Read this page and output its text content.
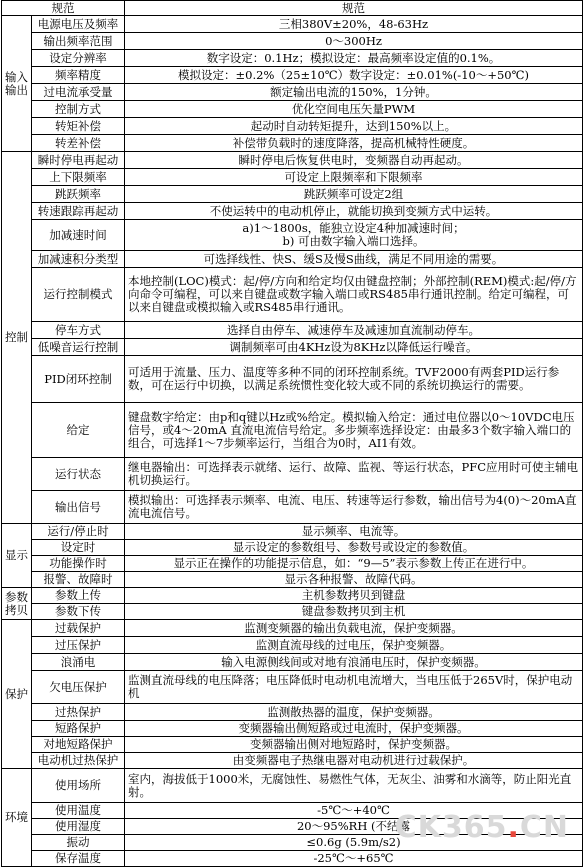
规范		规范
输入
输出	电源电压及频率	三相380V±20%，48-63Hz
	输出频率范围	0～300Hz
	设定分辨率	数字设定：0.1Hz；模拟设定：最高频率设定值的0.1%。
	频率精度	模拟设定：±0.2%（25±10℃）数字设定：±0.01%(-10～+50℃)
	过电流承受量	额定输出电流的150%，1分钟。
	控制方式	优化空间电压矢量PWM
	转矩补偿	起动时自动转矩提升，达到150%以上。
	转差补偿	补偿带负载时的速度降落，提高机械特性硬度。
控制	瞬时停电再起动	瞬时停电后恢复供电时，变频器自动再起动。
	上下限频率	可设定上限频率和下限频率
	跳跃频率	跳跃频率可设定2组
	转速跟踪再起动	不使运转中的电动机停止，就能切换到变频方式中运转。
	加减速时间	a)1～1800s，能独立设定4种加减速时间；
b) 可由数字输入端口选择。
	加减速积分类型	可选择线性、快S、缓S及慢S曲线，满足不同用途的需要。
	运行控制模式	本地控制(LOC)模式：起/停/方向和给定均仅由键盘控制；外部控制(REM)模式:起/停/方向命令可编程，可以来自键盘或数字输入端口或RS485串行通讯控制。给定可编程，可以来自键盘或模拟输入或RS485串行通讯。
	停车方式	选择自由停车、减速停车及减速加直流制动停车。
	低噪音运行控制	调制频率可由4KHz设为8KHz以降低运行噪音。
	PID闭环控制	可适用于流量、压力、温度等多种不同的闭环控制系统。TVF2000有两套PID运行参数，可在运行中切换，以满足系统惯性变化较大或不同的系统切换运行的需要。
	给定	键盘数字给定：由p和q键以Hz或%给定。模拟输入给定：通过电位器以0～10VDC电压信号，或4～20mA 直流电流信号给定。多步频率选择设定：由最多3个数字输入端口的组合，可选择1～7步频率运行，当组合为0时，AI1有效。
	运行状态	继电器输出：可选择表示就绪、运行、故障、监视、等运行状态，PFC应用时可使主辅电机切换运行。
	输出信号	模拟输出：可选择表示频率、电流、电压、转速等运行参数，输出信号为4(0)～20mA直流电流信号。
显示	运行/停止时	显示频率、电流等。
	设定时	显示设定的参数组号、参数号或设定的参数值。
	功能操作时	显示正在操作的功能提示信息，如：“9—5”表示参数上传正在进行中。
	报警、故障时	显示各种报警、故障代码。
参数
拷贝	参数上传	主机参数拷贝到键盘
	参数下传	键盘参数拷贝到主机
保护	过载保护	监测变频器的输出负载电流，保护变频器。
	过压保护	监测直流母线的过电压，保护变频器。
	浪涌电	输入电源侧线间或对地有浪涌电压时，保护变频器。
	欠电压保护	监测直流母线的电压降落；电压降低时电动机电流增大，当电压低于265V时，保护电动机
	过热保护	监测散热器的温度，保护变频器。
	短路保护	变频器输出侧短路或过电流时，保护变频器。
	对地短路保护	变频器输出侧对地短路时，保护变频器。
	电动机过热保护	由变频器电子热继电器对电动机进行过载保护。
环境	使用场所	室内，海拔低于1000米，无腐蚀性、易燃性气体，无灰尘、油雾和水滴等，防止阳光直射。
	使用温度	-5℃～+40℃
	使用湿度	20～95%RH (不结露
	振动	≤0.6g (5.9m/s2)
	保存温度	-25℃～+65℃
CK365.CN
